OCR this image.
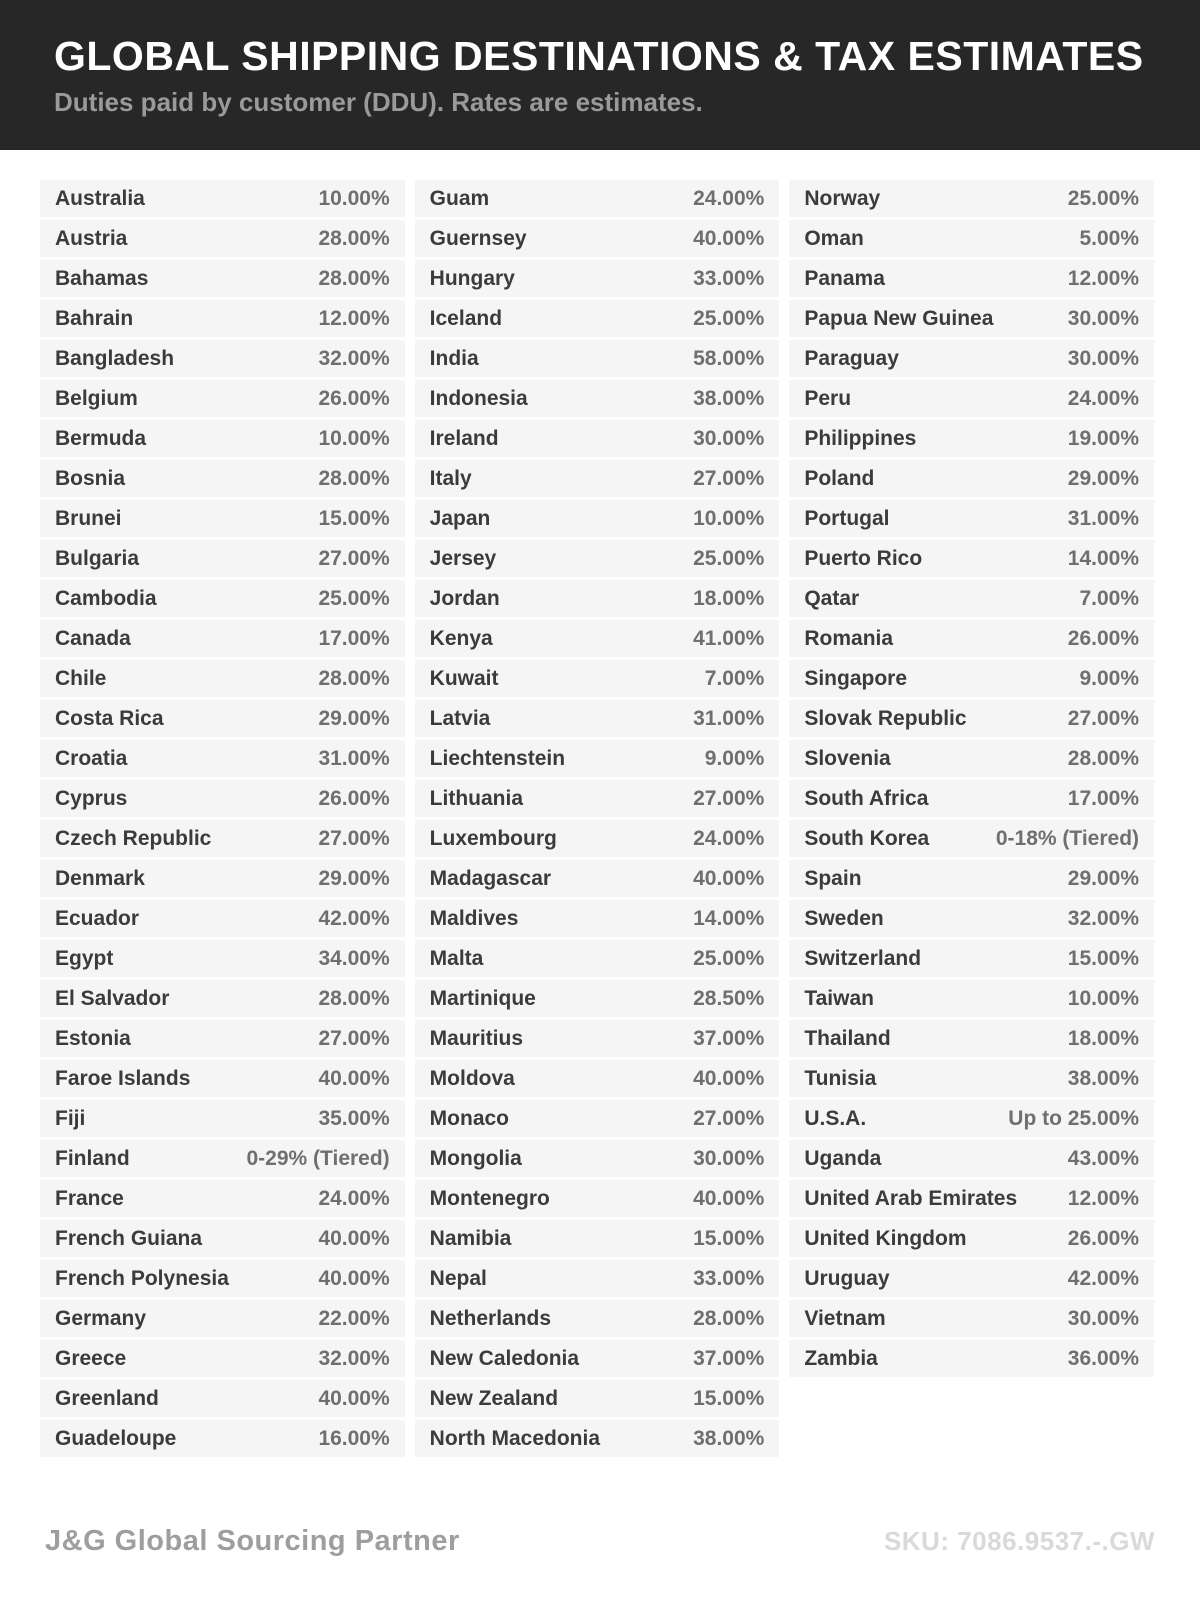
GLOBAL SHIPPING DESTINATIONS & TAX ESTIMATES
Duties paid by customer (DDU). Rates are estimates.
Australia	10.00%
Austria	28.00%
Bahamas	28.00%
Bahrain	12.00%
Bangladesh	32.00%
Belgium	26.00%
Bermuda	10.00%
Bosnia	28.00%
Brunei	15.00%
Bulgaria	27.00%
Cambodia	25.00%
Canada	17.00%
Chile	28.00%
Costa Rica	29.00%
Croatia	31.00%
Cyprus	26.00%
Czech Republic	27.00%
Denmark	29.00%
Ecuador	42.00%
Egypt	34.00%
El Salvador	28.00%
Estonia	27.00%
Faroe Islands	40.00%
Fiji	35.00%
Finland	0-29% (Tiered)
France	24.00%
French Guiana	40.00%
French Polynesia	40.00%
Germany	22.00%
Greece	32.00%
Greenland	40.00%
Guadeloupe	16.00%
Guam	24.00%
Guernsey	40.00%
Hungary	33.00%
Iceland	25.00%
India	58.00%
Indonesia	38.00%
Ireland	30.00%
Italy	27.00%
Japan	10.00%
Jersey	25.00%
Jordan	18.00%
Kenya	41.00%
Kuwait	7.00%
Latvia	31.00%
Liechtenstein	9.00%
Lithuania	27.00%
Luxembourg	24.00%
Madagascar	40.00%
Maldives	14.00%
Malta	25.00%
Martinique	28.50%
Mauritius	37.00%
Moldova	40.00%
Monaco	27.00%
Mongolia	30.00%
Montenegro	40.00%
Namibia	15.00%
Nepal	33.00%
Netherlands	28.00%
New Caledonia	37.00%
New Zealand	15.00%
North Macedonia	38.00%
Norway	25.00%
Oman	5.00%
Panama	12.00%
Papua New Guinea	30.00%
Paraguay	30.00%
Peru	24.00%
Philippines	19.00%
Poland	29.00%
Portugal	31.00%
Puerto Rico	14.00%
Qatar	7.00%
Romania	26.00%
Singapore	9.00%
Slovak Republic	27.00%
Slovenia	28.00%
South Africa	17.00%
South Korea	0-18% (Tiered)
Spain	29.00%
Sweden	32.00%
Switzerland	15.00%
Taiwan	10.00%
Thailand	18.00%
Tunisia	38.00%
U.S.A.	Up to 25.00%
Uganda	43.00%
United Arab Emirates 12.00%
United Kingdom	26.00%
Uruguay	42.00%
Vietnam	30.00%
Zambia	36.00%
J&G Global Sourcing Partner	SKU: 7086.9537.-.GW
